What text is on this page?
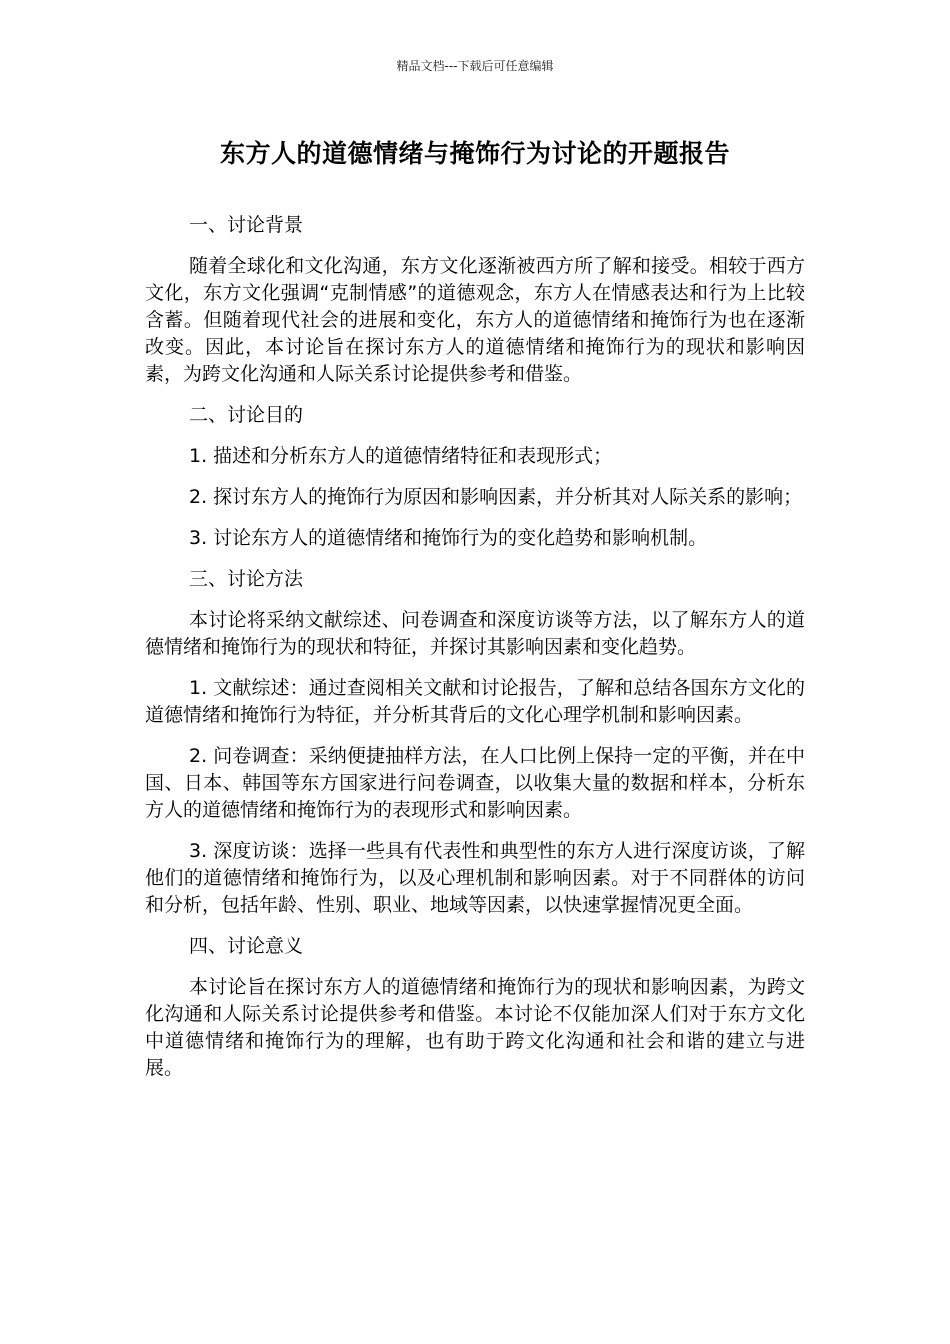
精品文档---下载后可任意编辑
东方人的道德情绪与掩饰行为讨论的开题报告

一、讨论背景

随着全球化和文化沟通，东方文化逐渐被西方所了解和接受。相较于西方文化，东方文化强调“克制情感”的道德观念，东方人在情感表达和行为上比较含蓄。但随着现代社会的进展和变化，东方人的道德情绪和掩饰行为也在逐渐改变。因此，本讨论旨在探讨东方人的道德情绪和掩饰行为的现状和影响因素，为跨文化沟通和人际关系讨论提供参考和借鉴。

二、讨论目的

1. 描述和分析东方人的道德情绪特征和表现形式；

2. 探讨东方人的掩饰行为原因和影响因素，并分析其对人际关系的影响；

3. 讨论东方人的道德情绪和掩饰行为的变化趋势和影响机制。

三、讨论方法

本讨论将采纳文献综述、问卷调查和深度访谈等方法，以了解东方人的道德情绪和掩饰行为的现状和特征，并探讨其影响因素和变化趋势。

1. 文献综述：通过查阅相关文献和讨论报告，了解和总结各国东方文化的道德情绪和掩饰行为特征，并分析其背后的文化心理学机制和影响因素。

2. 问卷调查：采纳便捷抽样方法，在人口比例上保持一定的平衡，并在中国、日本、韩国等东方国家进行问卷调查，以收集大量的数据和样本，分析东方人的道德情绪和掩饰行为的表现形式和影响因素。

3. 深度访谈：选择一些具有代表性和典型性的东方人进行深度访谈，了解他们的道德情绪和掩饰行为，以及心理机制和影响因素。对于不同群体的访问和分析，包括年龄、性别、职业、地域等因素，以快速掌握情况更全面。

四、讨论意义

本讨论旨在探讨东方人的道德情绪和掩饰行为的现状和影响因素，为跨文化沟通和人际关系讨论提供参考和借鉴。本讨论不仅能加深人们对于东方文化中道德情绪和掩饰行为的理解，也有助于跨文化沟通和社会和谐的建立与进展。
